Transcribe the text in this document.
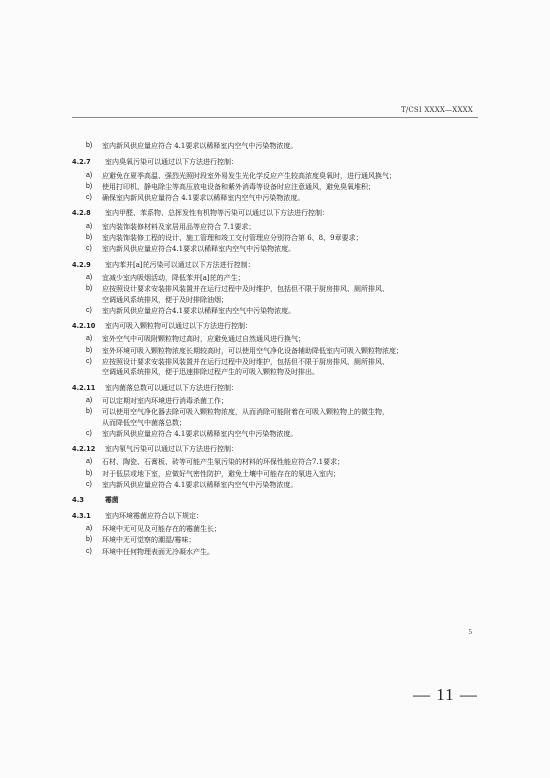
T/CSI XXXX—XXXX
b)	室内新风供应量应符合 4.1要求以稀释室内空气中污染物浓度。
4.2.7	室内臭氧污染可以通过以下方法进行控制：
a)	应避免在夏季高温、强烈光照时段室外易发生光化学反应产生较高浓度臭氧时，进行通风换气；
b)	使用打印机、静电除尘等高压放电设备和紫外消毒等设备时应注意通风，避免臭氧堆积；
c)	确保室内新风供应量符合 4.1要求以稀释室内空气中污染物浓度。
4.2.8	室内甲醛、苯系物、总挥发性有机物等污染可以通过以下方法进行控制：
a)	室内装饰装修材料及家居用品等应符合 7.1要求；
b)	室内装饰装修工程的设计、施工管理和竣工交付管理应分别符合第 6、8、9章要求；
c)	室内新风供应量应符合4.1要求以稀释室内空气中污染物浓度。
4.2.9	室内苯并[a]芘污染可以通过以下方法进行控制：
a)	宜减少室内吸烟活动，降低苯并[a]芘的产生；
b)	应按照设计要求安装排风装置并在运行过程中及时维护，包括但不限于厨房排风、厕所排风、
空调通风系统排风，便于及时排除油烟；
c)	室内新风供应量应符合4.1要求以稀释室内空气中污染物浓度。
4.2.10	室内可吸入颗粒物可以通过以下方法进行控制：
a)	室外空气中可吸附颗粒物过高时，应避免通过自然通风进行换气；
b)	室外环境可吸入颗粒物浓度长期较高时，可以使用空气净化设备辅助降低室内可吸入颗粒物浓度；
c)	应按照设计要求安装排风装置并在运行过程中及时维护，包括但不限于厨房排风、厕所排风、
空调通风系统排风，便于迅速排除过程产生的可吸入颗粒物及时排出。
4.2.11	室内菌落总数可以通过以下方法进行控制：
a)	可以定期对室内环境进行消毒杀菌工作；
b)	可以使用空气净化器去除可吸入颗粒物浓度，从而消除可能附着在可吸入颗粒物上的微生物，
从而降低空气中菌落总数；
c)	室内新风供应量应符合 4.1要求以稀释室内空气中污染物浓度。
4.2.12	室内氡气污染可以通过以下方法进行控制：
a)	石材、陶瓷、石膏板、砖等可能产生氡污染的材料的环保性能应符合7.1要求；
b)	对于低层或地下室，应做好气密性防护，避免土壤中可能存在的氡进入室内；
c)	室内新风供应量应符合 4.1要求以稀释室内空气中污染物浓度。
4.3	霉菌
4.3.1	室内环境霉菌应符合以下规定：
a)	环境中无可见及可能存在的霉菌生长；
b)	环境中无可觉察的潮湿/霉味；
c)	环境中任何物理表面无冷凝水产生。
5
— 11 —
